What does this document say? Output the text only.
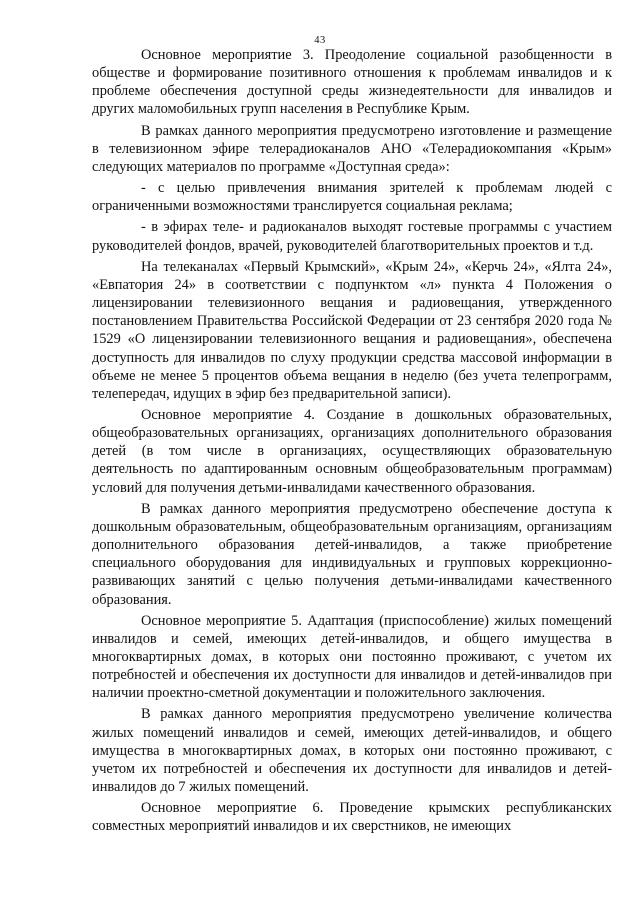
43

Основное мероприятие 3. Преодоление социальной разобщенности в обществе и формирование позитивного отношения к проблемам инвалидов и к проблеме обеспечения доступной среды жизнедеятельности для инвалидов и других маломобильных групп населения в Республике Крым.

В рамках данного мероприятия предусмотрено изготовление и размещение в телевизионном эфире телерадиоканалов АНО «Телерадиокомпания «Крым» следующих материалов по программе «Доступная среда»:

- с целью привлечения внимания зрителей к проблемам людей с ограниченными возможностями транслируется социальная реклама;

- в эфирах теле- и радиоканалов выходят гостевые программы с участием руководителей фондов, врачей, руководителей благотворительных проектов и т.д.

На телеканалах «Первый Крымский», «Крым 24», «Керчь 24», «Ялта 24», «Евпатория 24» в соответствии с подпунктом «л» пункта 4 Положения о лицензировании телевизионного вещания и радиовещания, утвержденного постановлением Правительства Российской Федерации от 23 сентября 2020 года № 1529 «О лицензировании телевизионного вещания и радиовещания», обеспечена доступность для инвалидов по слуху продукции средства массовой информации в объеме не менее 5 процентов объема вещания в неделю (без учета телепрограмм, телепередач, идущих в эфир без предварительной записи).

Основное мероприятие 4. Создание в дошкольных образовательных, общеобразовательных организациях, организациях дополнительного образования детей (в том числе в организациях, осуществляющих образовательную деятельность по адаптированным основным общеобразовательным программам) условий для получения детьми-инвалидами качественного образования.

В рамках данного мероприятия предусмотрено обеспечение доступа к дошкольным образовательным, общеобразовательным организациям, организациям дополнительного образования детей-инвалидов, а также приобретение специального оборудования для индивидуальных и групповых коррекционно-развивающих занятий с целью получения детьми-инвалидами качественного образования.

Основное мероприятие 5. Адаптация (приспособление) жилых помещений инвалидов и семей, имеющих детей-инвалидов, и общего имущества в многоквартирных домах, в которых они постоянно проживают, с учетом их потребностей и обеспечения их доступности для инвалидов и детей-инвалидов при наличии проектно-сметной документации и положительного заключения.

В рамках данного мероприятия предусмотрено увеличение количества жилых помещений инвалидов и семей, имеющих детей-инвалидов, и общего имущества в многоквартирных домах, в которых они постоянно проживают, с учетом их потребностей и обеспечения их доступности для инвалидов и детей-инвалидов до 7 жилых помещений.

Основное мероприятие 6. Проведение крымских республиканских совместных мероприятий инвалидов и их сверстников, не имеющих
